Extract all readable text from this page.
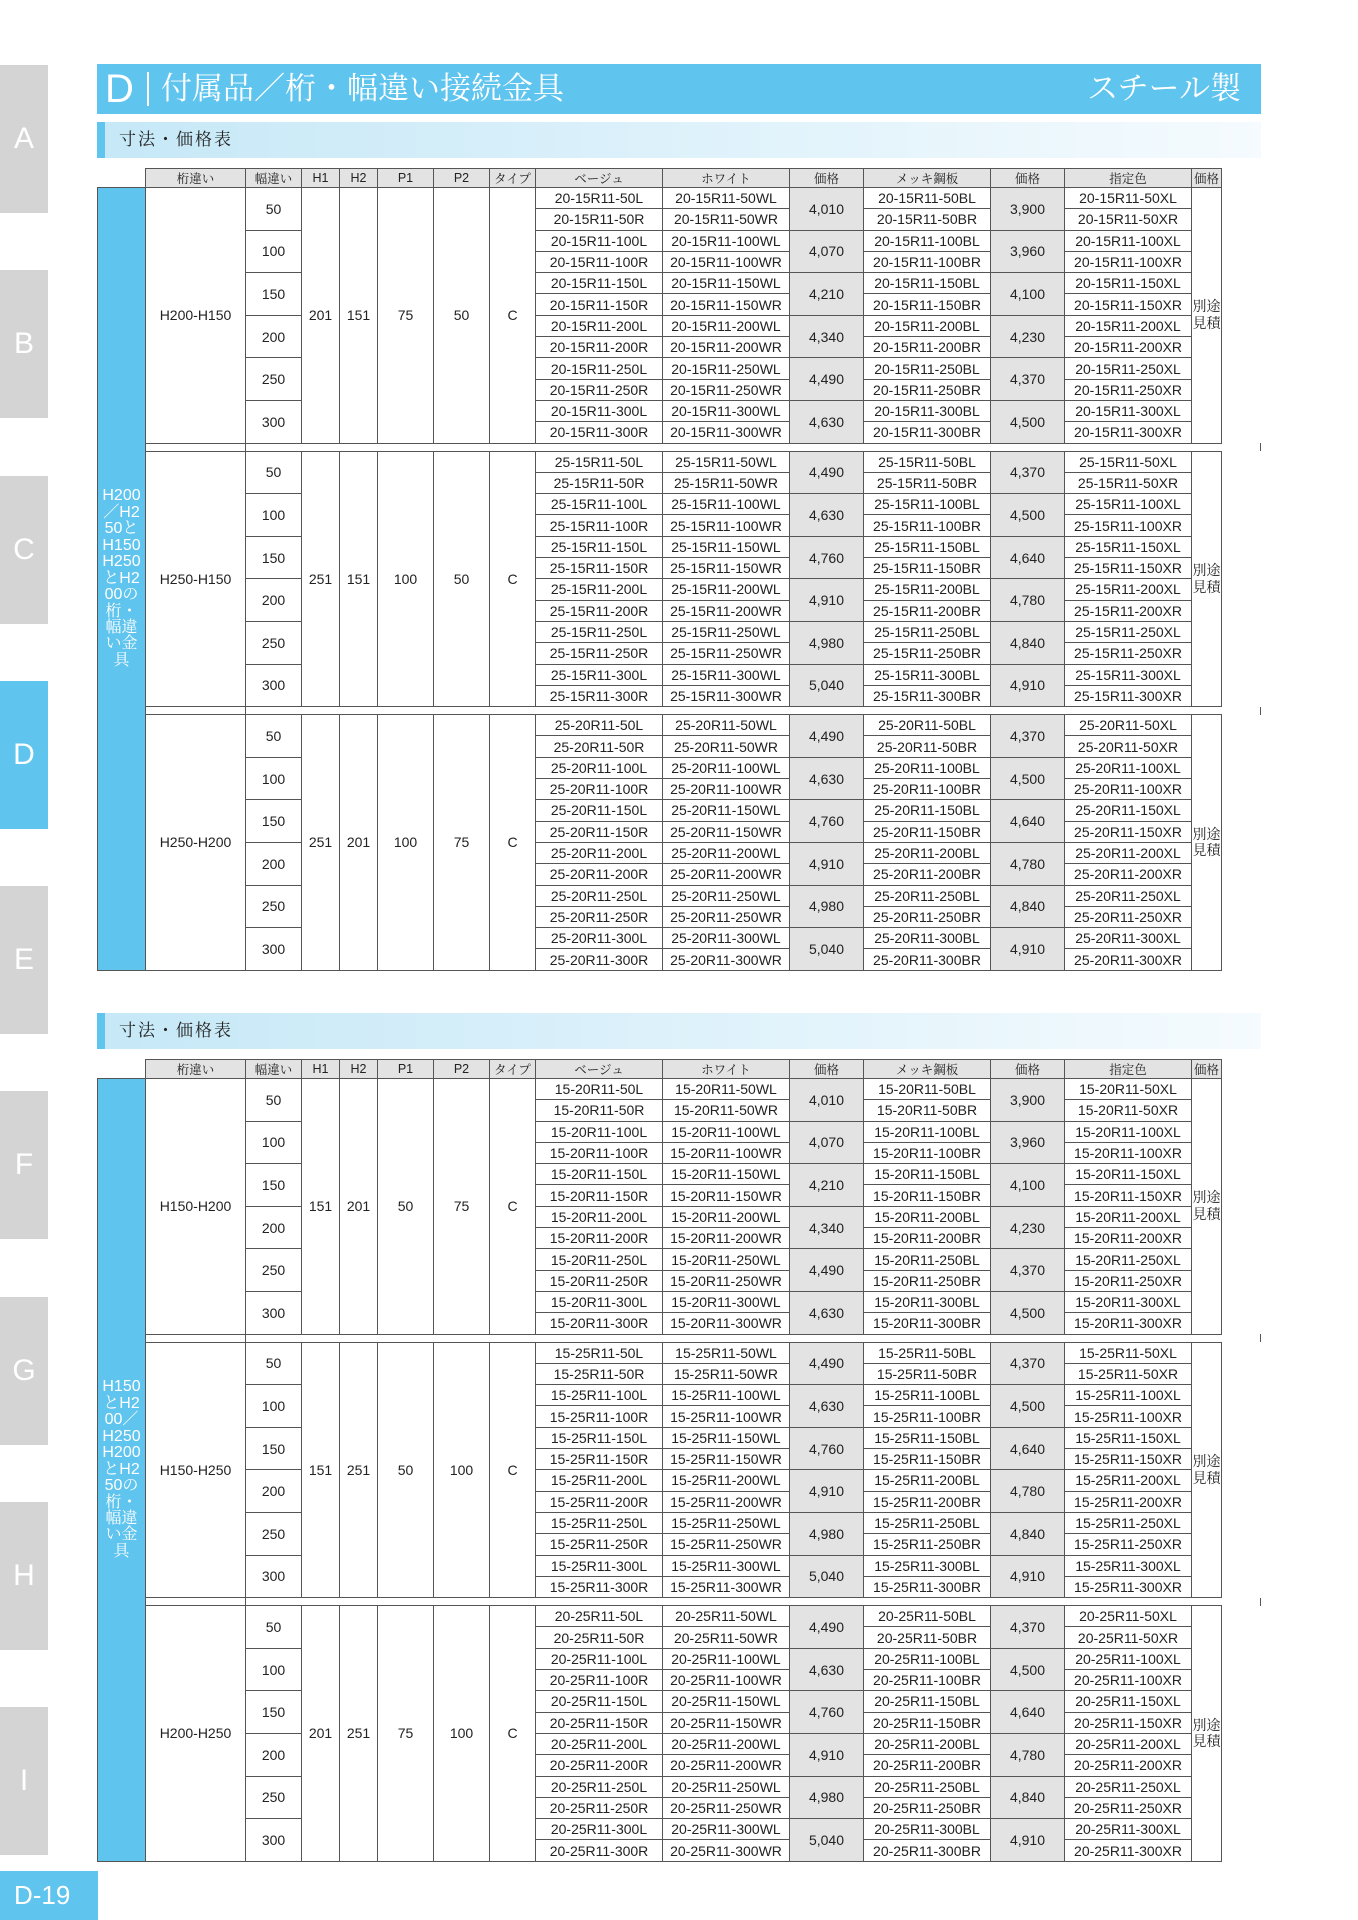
A
B
C
D
E
F
G
H
I
D 付属品／桁・幅違い接続金具	スチール製
寸法・価格表
	桁違い	幅違い	H1	H2	P1	P2	タイプ	ベージュ	ホワイト	価格	メッキ鋼板	価格	指定色	価格
H200／H250とH150 H250とH200の桁・幅違い金具	H200-H150	50	201	151	75	50	C	20-15R11-50L	20-15R11-50WL	4,010	20-15R11-50BL	3,900	20-15R11-50XL	別途見積
								20-15R11-50R	20-15R11-50WR		20-15R11-50BR		20-15R11-50XR	
		100						20-15R11-100L	20-15R11-100WL	4,070	20-15R11-100BL	3,960	20-15R11-100XL	
								20-15R11-100R	20-15R11-100WR		20-15R11-100BR		20-15R11-100XR	
		150						20-15R11-150L	20-15R11-150WL	4,210	20-15R11-150BL	4,100	20-15R11-150XL	
								20-15R11-150R	20-15R11-150WR		20-15R11-150BR		20-15R11-150XR	
		200						20-15R11-200L	20-15R11-200WL	4,340	20-15R11-200BL	4,230	20-15R11-200XL	
								20-15R11-200R	20-15R11-200WR		20-15R11-200BR		20-15R11-200XR	
		250						20-15R11-250L	20-15R11-250WL	4,490	20-15R11-250BL	4,370	20-15R11-250XL	
								20-15R11-250R	20-15R11-250WR		20-15R11-250BR		20-15R11-250XR	
		300						20-15R11-300L	20-15R11-300WL	4,630	20-15R11-300BL	4,500	20-15R11-300XL	
								20-15R11-300R	20-15R11-300WR		20-15R11-300BR		20-15R11-300XR	

	H250-H150	50	251	151	100	50	C	25-15R11-50L	25-15R11-50WL	4,490	25-15R11-50BL	4,370	25-15R11-50XL	別途見積
								25-15R11-50R	25-15R11-50WR		25-15R11-50BR		25-15R11-50XR	
		100						25-15R11-100L	25-15R11-100WL	4,630	25-15R11-100BL	4,500	25-15R11-100XL	
								25-15R11-100R	25-15R11-100WR		25-15R11-100BR		25-15R11-100XR	
		150						25-15R11-150L	25-15R11-150WL	4,760	25-15R11-150BL	4,640	25-15R11-150XL	
								25-15R11-150R	25-15R11-150WR		25-15R11-150BR		25-15R11-150XR	
		200						25-15R11-200L	25-15R11-200WL	4,910	25-15R11-200BL	4,780	25-15R11-200XL	
								25-15R11-200R	25-15R11-200WR		25-15R11-200BR		25-15R11-200XR	
		250						25-15R11-250L	25-15R11-250WL	4,980	25-15R11-250BL	4,840	25-15R11-250XL	
								25-15R11-250R	25-15R11-250WR		25-15R11-250BR		25-15R11-250XR	
		300						25-15R11-300L	25-15R11-300WL	5,040	25-15R11-300BL	4,910	25-15R11-300XL	
								25-15R11-300R	25-15R11-300WR		25-15R11-300BR		25-15R11-300XR	

	H250-H200	50	251	201	100	75	C	25-20R11-50L	25-20R11-50WL	4,490	25-20R11-50BL	4,370	25-20R11-50XL	別途見積
								25-20R11-50R	25-20R11-50WR		25-20R11-50BR		25-20R11-50XR	
		100						25-20R11-100L	25-20R11-100WL	4,630	25-20R11-100BL	4,500	25-20R11-100XL	
								25-20R11-100R	25-20R11-100WR		25-20R11-100BR		25-20R11-100XR	
		150						25-20R11-150L	25-20R11-150WL	4,760	25-20R11-150BL	4,640	25-20R11-150XL	
								25-20R11-150R	25-20R11-150WR		25-20R11-150BR		25-20R11-150XR	
		200						25-20R11-200L	25-20R11-200WL	4,910	25-20R11-200BL	4,780	25-20R11-200XL	
								25-20R11-200R	25-20R11-200WR		25-20R11-200BR		25-20R11-200XR	
		250						25-20R11-250L	25-20R11-250WL	4,980	25-20R11-250BL	4,840	25-20R11-250XL	
								25-20R11-250R	25-20R11-250WR		25-20R11-250BR		25-20R11-250XR	
		300						25-20R11-300L	25-20R11-300WL	5,040	25-20R11-300BL	4,910	25-20R11-300XL	
								25-20R11-300R	25-20R11-300WR		25-20R11-300BR		25-20R11-300XR	
寸法・価格表
	桁違い	幅違い	H1	H2	P1	P2	タイプ	ベージュ	ホワイト	価格	メッキ鋼板	価格	指定色	価格
H150とH200／H250 H200とH250の桁・幅違い金具	H150-H200	50	151	201	50	75	C	15-20R11-50L	15-20R11-50WL	4,010	15-20R11-50BL	3,900	15-20R11-50XL	別途見積
								15-20R11-50R	15-20R11-50WR		15-20R11-50BR		15-20R11-50XR	
		100						15-20R11-100L	15-20R11-100WL	4,070	15-20R11-100BL	3,960	15-20R11-100XL	
								15-20R11-100R	15-20R11-100WR		15-20R11-100BR		15-20R11-100XR	
		150						15-20R11-150L	15-20R11-150WL	4,210	15-20R11-150BL	4,100	15-20R11-150XL	
								15-20R11-150R	15-20R11-150WR		15-20R11-150BR		15-20R11-150XR	
		200						15-20R11-200L	15-20R11-200WL	4,340	15-20R11-200BL	4,230	15-20R11-200XL	
								15-20R11-200R	15-20R11-200WR		15-20R11-200BR		15-20R11-200XR	
		250						15-20R11-250L	15-20R11-250WL	4,490	15-20R11-250BL	4,370	15-20R11-250XL	
								15-20R11-250R	15-20R11-250WR		15-20R11-250BR		15-20R11-250XR	
		300						15-20R11-300L	15-20R11-300WL	4,630	15-20R11-300BL	4,500	15-20R11-300XL	
								15-20R11-300R	15-20R11-300WR		15-20R11-300BR		15-20R11-300XR	

	H150-H250	50	151	251	50	100	C	15-25R11-50L	15-25R11-50WL	4,490	15-25R11-50BL	4,370	15-25R11-50XL	別途見積
								15-25R11-50R	15-25R11-50WR		15-25R11-50BR		15-25R11-50XR	
		100						15-25R11-100L	15-25R11-100WL	4,630	15-25R11-100BL	4,500	15-25R11-100XL	
								15-25R11-100R	15-25R11-100WR		15-25R11-100BR		15-25R11-100XR	
		150						15-25R11-150L	15-25R11-150WL	4,760	15-25R11-150BL	4,640	15-25R11-150XL	
								15-25R11-150R	15-25R11-150WR		15-25R11-150BR		15-25R11-150XR	
		200						15-25R11-200L	15-25R11-200WL	4,910	15-25R11-200BL	4,780	15-25R11-200XL	
								15-25R11-200R	15-25R11-200WR		15-25R11-200BR		15-25R11-200XR	
		250						15-25R11-250L	15-25R11-250WL	4,980	15-25R11-250BL	4,840	15-25R11-250XL	
								15-25R11-250R	15-25R11-250WR		15-25R11-250BR		15-25R11-250XR	
		300						15-25R11-300L	15-25R11-300WL	5,040	15-25R11-300BL	4,910	15-25R11-300XL	
								15-25R11-300R	15-25R11-300WR		15-25R11-300BR		15-25R11-300XR	

	H200-H250	50	201	251	75	100	C	20-25R11-50L	20-25R11-50WL	4,490	20-25R11-50BL	4,370	20-25R11-50XL	別途見積
								20-25R11-50R	20-25R11-50WR		20-25R11-50BR		20-25R11-50XR	
		100						20-25R11-100L	20-25R11-100WL	4,630	20-25R11-100BL	4,500	20-25R11-100XL	
								20-25R11-100R	20-25R11-100WR		20-25R11-100BR		20-25R11-100XR	
		150						20-25R11-150L	20-25R11-150WL	4,760	20-25R11-150BL	4,640	20-25R11-150XL	
								20-25R11-150R	20-25R11-150WR		20-25R11-150BR		20-25R11-150XR	
		200						20-25R11-200L	20-25R11-200WL	4,910	20-25R11-200BL	4,780	20-25R11-200XL	
								20-25R11-200R	20-25R11-200WR		20-25R11-200BR		20-25R11-200XR	
		250						20-25R11-250L	20-25R11-250WL	4,980	20-25R11-250BL	4,840	20-25R11-250XL	
								20-25R11-250R	20-25R11-250WR		20-25R11-250BR		20-25R11-250XR	
		300						20-25R11-300L	20-25R11-300WL	5,040	20-25R11-300BL	4,910	20-25R11-300XL	
								20-25R11-300R	20-25R11-300WR		20-25R11-300BR		20-25R11-300XR	
D-19
